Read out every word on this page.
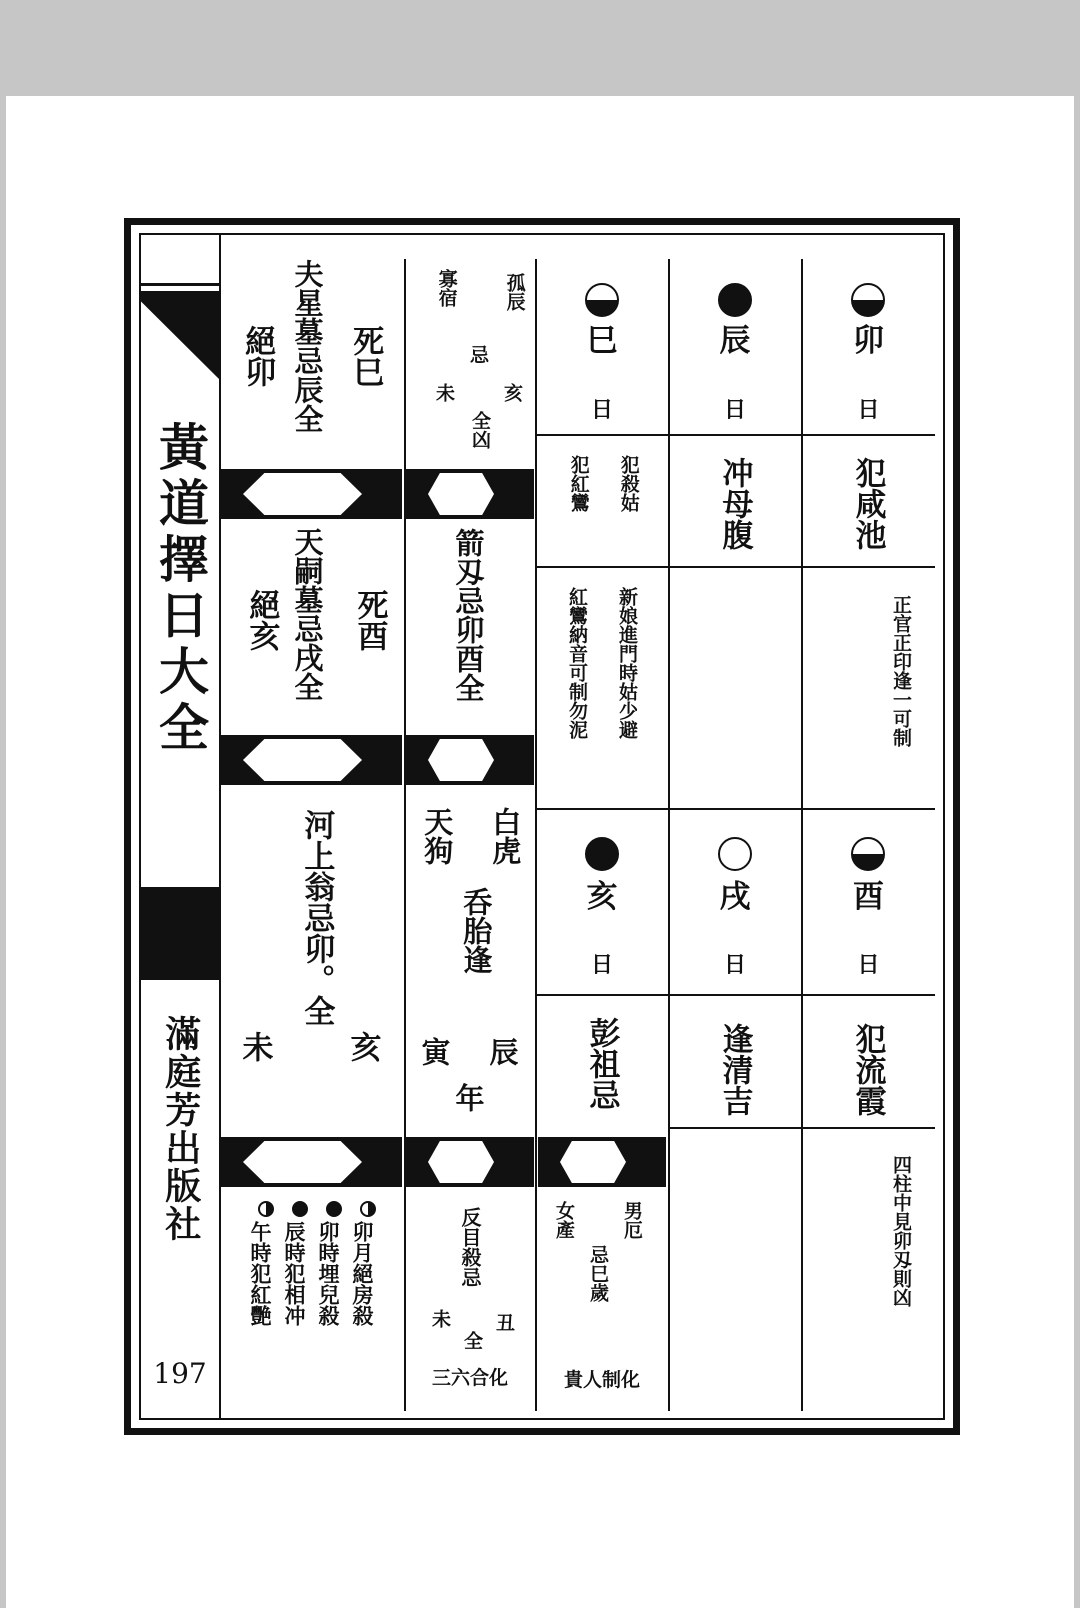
黃道擇日大全
滿庭芳出版社
197
卯
日
犯咸池
正官正印逢一可制
酉
日
犯流霞
四柱中見卯刄則凶
辰
日
冲母腹
戌
日
逢清吉
巳
日
犯殺姑
犯紅鸞
新娘進門時姑少避
紅鸞納音可制勿泥
亥
日
彭祖忌
男厄
女產
忌巳歲
貴人制化
孤辰
亥
忌
寡宿
未
全凶
箭刄忌卯酉全
白虎
辰
天狗
寅
呑胎逢
年
反目殺忌
丑
未
全
三六合化
死巳
夫星墓忌辰全
絕卯
死酉
天嗣墓忌戌全
絕亥
河上翁忌卯。全
亥
未
卯月絕房殺
卯時埋兒殺
辰時犯相冲
午時犯紅艷
